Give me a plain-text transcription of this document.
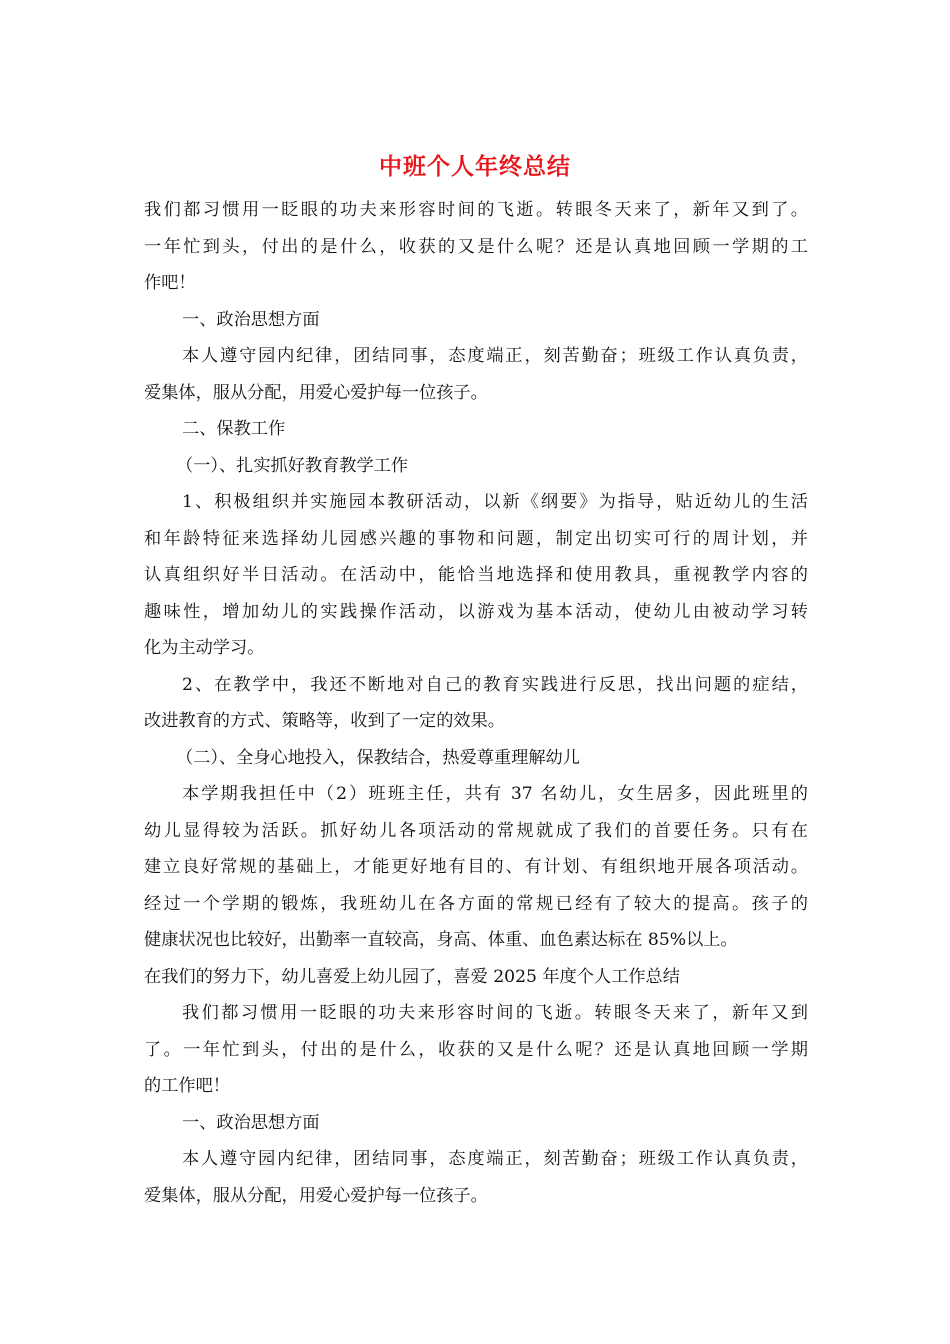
中班个人年终总结
我们都习惯用一眨眼的功夫来形容时间的飞逝。转眼冬天来了，新年又到了。
一年忙到头，付出的是什么，收获的又是什么呢？还是认真地回顾一学期的工
作吧！
一、政治思想方面
本人遵守园内纪律，团结同事，态度端正，刻苦勤奋；班级工作认真负责，
爱集体，服从分配，用爱心爱护每一位孩子。
二、保教工作
（一）、扎实抓好教育教学工作
1、积极组织并实施园本教研活动，以新《纲要》为指导，贴近幼儿的生活
和年龄特征来选择幼儿园感兴趣的事物和问题，制定出切实可行的周计划，并
认真组织好半日活动。在活动中，能恰当地选择和使用教具，重视教学内容的
趣味性，增加幼儿的实践操作活动，以游戏为基本活动，使幼儿由被动学习转
化为主动学习。
2、在教学中，我还不断地对自己的教育实践进行反思，找出问题的症结，
改进教育的方式、策略等，收到了一定的效果。
（二）、全身心地投入，保教结合，热爱尊重理解幼儿
本学期我担任中（2）班班主任，共有 37 名幼儿，女生居多，因此班里的
幼儿显得较为活跃。抓好幼儿各项活动的常规就成了我们的首要任务。只有在
建立良好常规的基础上，才能更好地有目的、有计划、有组织地开展各项活动。
经过一个学期的锻炼，我班幼儿在各方面的常规已经有了较大的提高。孩子的
健康状况也比较好，出勤率一直较高，身高、体重、血色素达标在 85%以上。
在我们的努力下，幼儿喜爱上幼儿园了，喜爱 2025 年度个人工作总结
我们都习惯用一眨眼的功夫来形容时间的飞逝。转眼冬天来了，新年又到
了。一年忙到头，付出的是什么，收获的又是什么呢？还是认真地回顾一学期
的工作吧！
一、政治思想方面
本人遵守园内纪律，团结同事，态度端正，刻苦勤奋；班级工作认真负责，
爱集体，服从分配，用爱心爱护每一位孩子。
